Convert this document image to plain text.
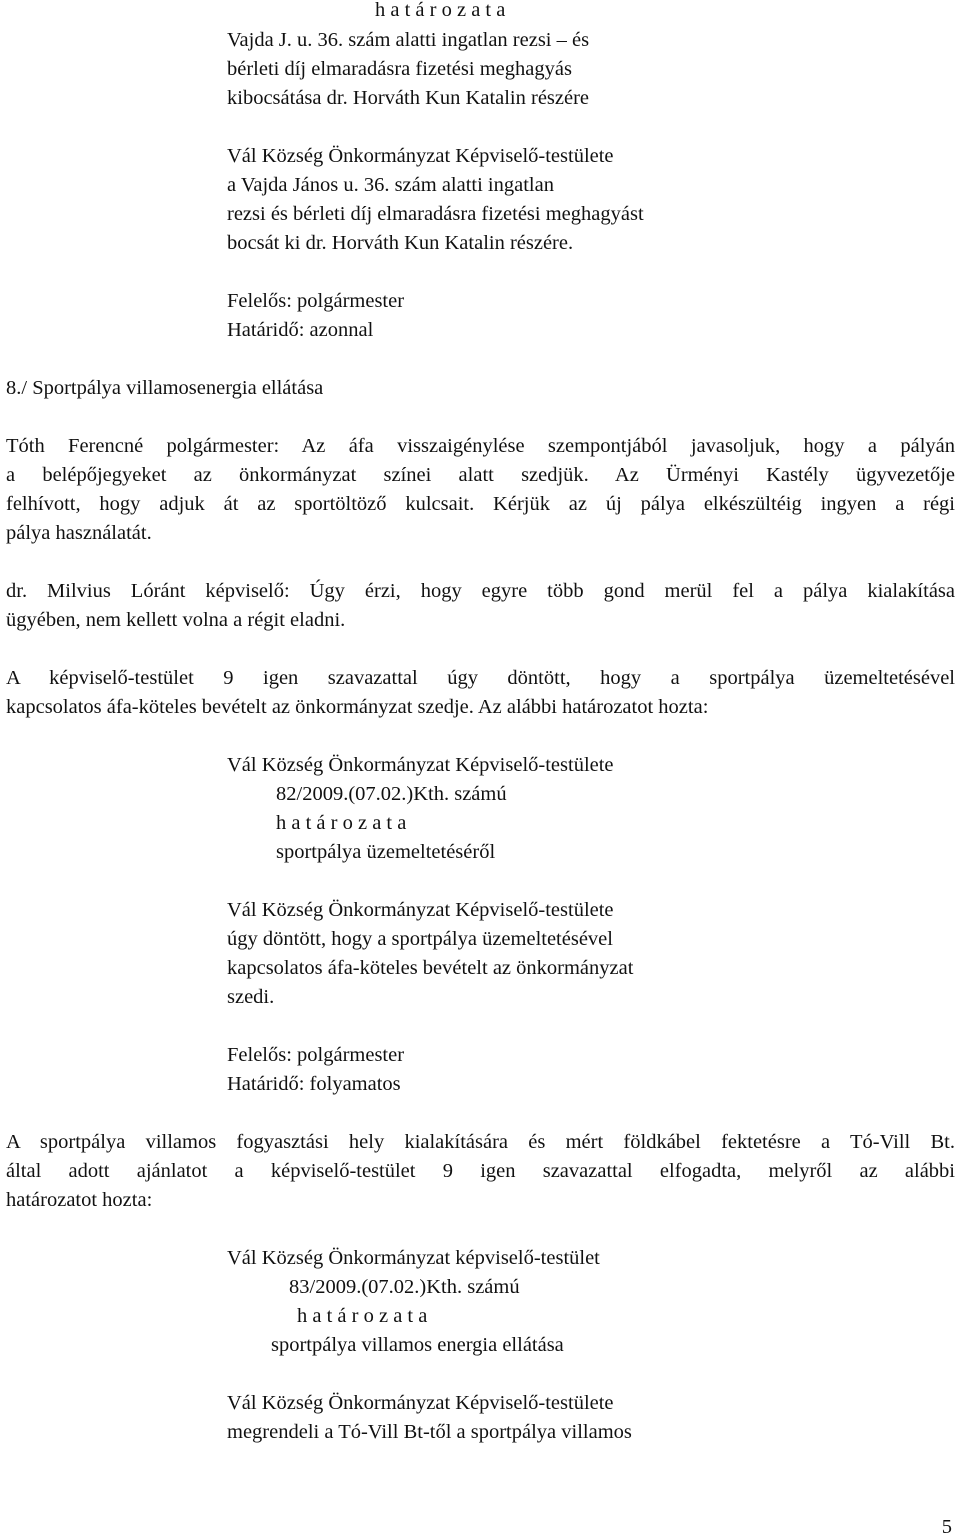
h a t á r o z a t a
Vajda J. u. 36. szám alatti ingatlan rezsi – és
bérleti díj elmaradásra fizetési meghagyás
kibocsátása dr. Horváth Kun Katalin részére
Vál Község Önkormányzat Képviselő-testülete
a Vajda János u. 36. szám alatti ingatlan
rezsi és bérleti díj elmaradásra fizetési meghagyást
bocsát ki dr. Horváth Kun Katalin részére.
Felelős: polgármester
Határidő: azonnal
8./ Sportpálya villamosenergia ellátása
Tóth Ferencné polgármester: Az áfa visszaigénylése szempontjából javasoljuk, hogy a pályán
a belépőjegyeket az önkormányzat színei alatt szedjük. Az Ürményi Kastély ügyvezetője
felhívott, hogy adjuk át az sportöltöző kulcsait. Kérjük az új pálya elkészültéig ingyen a régi
pálya használatát.
dr. Milvius Lóránt képviselő: Úgy érzi, hogy egyre több gond merül fel a pálya kialakítása
ügyében, nem kellett volna a régit eladni.
A képviselő-testület 9 igen szavazattal úgy döntött, hogy a sportpálya üzemeltetésével
kapcsolatos áfa-köteles bevételt az önkormányzat szedje. Az alábbi határozatot hozta:
Vál Község Önkormányzat Képviselő-testülete
82/2009.(07.02.)Kth. számú
h a t á r o z a t a
sportpálya üzemeltetéséről
Vál Község Önkormányzat Képviselő-testülete
úgy döntött, hogy a sportpálya üzemeltetésével
kapcsolatos áfa-köteles bevételt az önkormányzat
szedi.
Felelős: polgármester
Határidő: folyamatos
A sportpálya villamos fogyasztási hely kialakítására és mért földkábel fektetésre a Tó-Vill Bt.
által adott ajánlatot a képviselő-testület 9 igen szavazattal elfogadta, melyről az alábbi
határozatot hozta:
Vál Község Önkormányzat képviselő-testület
83/2009.(07.02.)Kth. számú
h a t á r o z a t a
sportpálya villamos energia ellátása
Vál Község Önkormányzat Képviselő-testülete
megrendeli a Tó-Vill Bt-től a sportpálya villamos
5
